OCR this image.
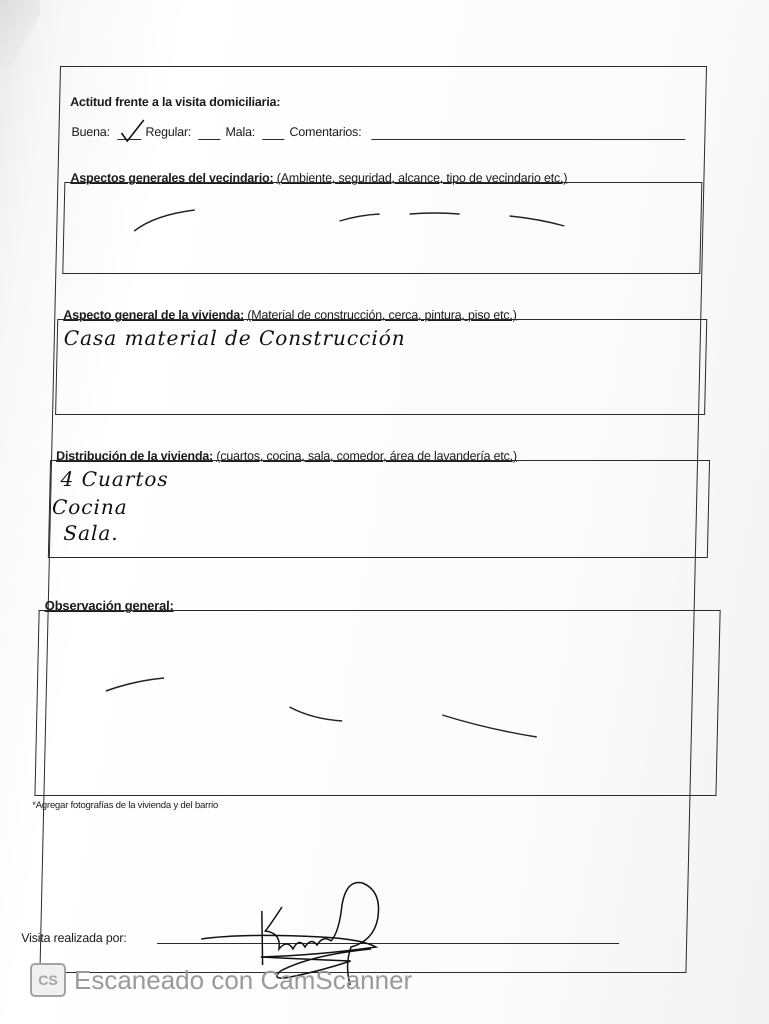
Actitud frente a la visita domiciliaria:
Buena:	Regular:	Mala:	Comentarios:
Aspectos generales del vecindario: (Ambiente, seguridad, alcance, tipo de vecindario etc.)
Aspecto general de la vivienda: (Material de construcción, cerca, pintura, piso etc.)
Casa material de Construcción
Distribución de la vivienda: (cuartos, cocina, sala, comedor, área de lavandería etc.)
4 Cuartos
Cocina
Sala.
Observación general:
*Agregar fotografías de la vivienda y del barrio
Visita realizada por:
CS Escaneado con CamScanner
